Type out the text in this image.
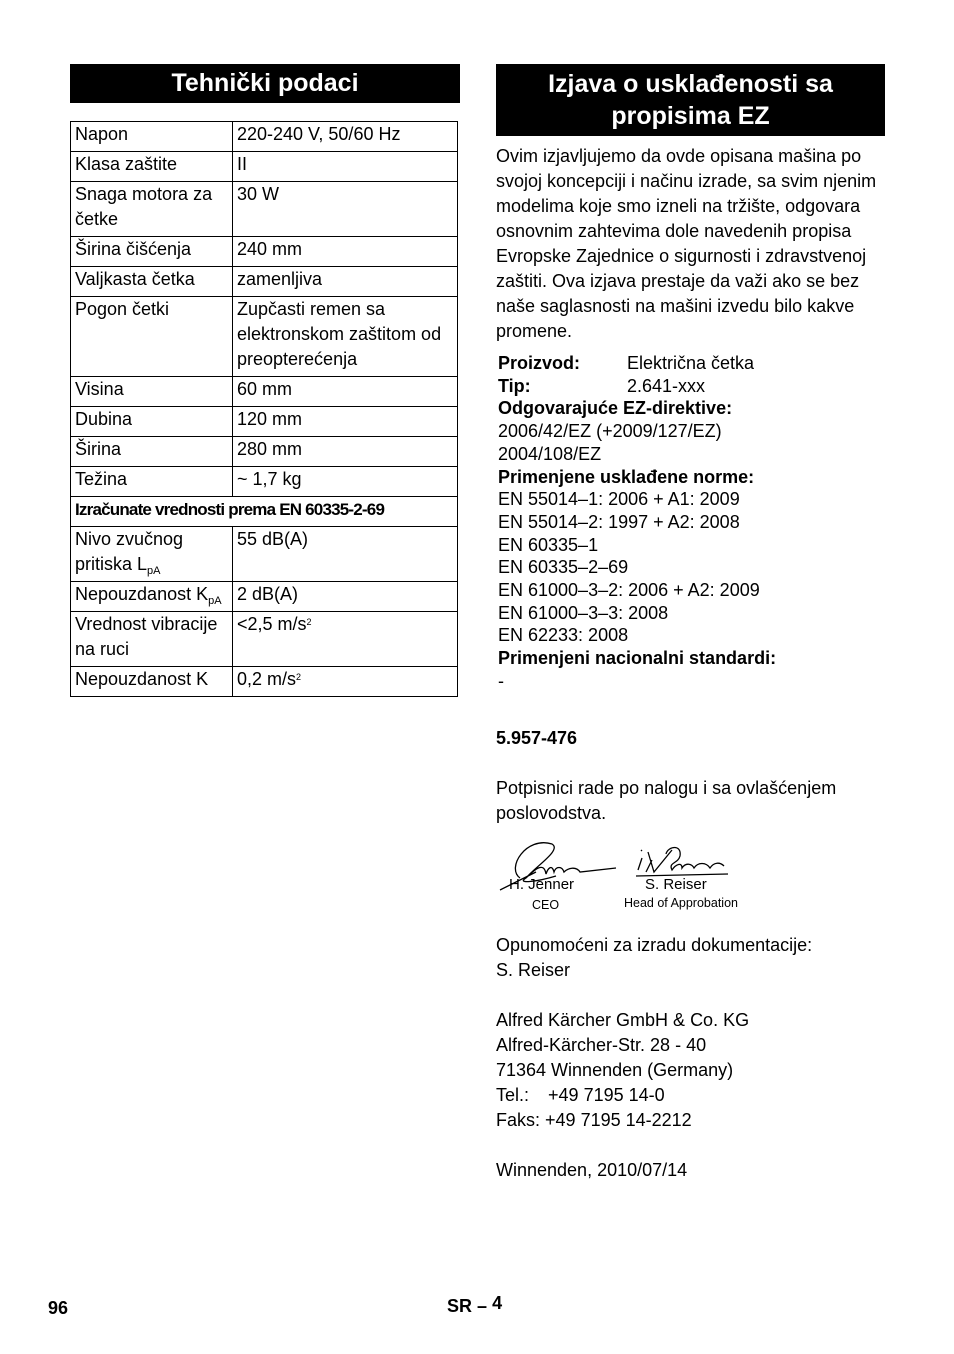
Tehnički podaci
Napon	220-240 V, 50/60 Hz
Klasa zaštite	II
Snaga motora za četke	30 W
Širina čišćenja	240 mm
Valjkasta četka	zamenljiva
Pogon četki	Zupčasti remen sa elektronskom zaštitom od preopterećenja
Visina	60 mm
Dubina	120 mm
Širina	280 mm
Težina	~ 1,7 kg
Izračunate vrednosti prema EN 60335-2-69	
Nivo zvučnog pritiska $L_{pA}$	55 dB(A)
Nepouzdanost $K_{pA}$	2 dB(A)
Vrednost vibracije na ruci	<2,5 $m/s^2$
Nepouzdanost K	0,2 $m/s^2$
Izjava o usklađenosti sa
propisima EZ
Ovim izjavljujemo da ovde opisana mašina po svojoj koncepciji i načinu izrade, sa svim njenim modelima koje smo izneli na tržište, odgovara osnovnim zahtevima dole navedenih propisa Evropske Zajednice o sigurnosti i zdravstvenoj zaštiti. Ova izjava prestaje da važi ako se bez naše saglasnosti na mašini izvedu bilo kakve promene.
Proizvod:	Električna četka
Tip:	2.641-xxx
Odgovarajuće EZ-direktive:
2006/42/EZ (+2009/127/EZ)
2004/108/EZ
Primenjene usklađene norme:
EN 55014–1: 2006 + A1: 2009
EN 55014–2: 1997 + A2: 2008
EN 60335–1
EN 60335–2–69
EN 61000–3–2: 2006 + A2: 2009
EN 61000–3–3: 2008
EN 62233: 2008
Primenjeni nacionalni standardi:
-
5.957-476
Potpisnici rade po nalogu i sa ovlašćenjem poslovodstva.
H. Jenner
CEO
S. Reiser
Head of Approbation
Opunomoćeni za izradu dokumentacije:
S. Reiser
Alfred Kärcher GmbH & Co. KG
Alfred-Kärcher-Str. 28 - 40
71364 Winnenden (Germany)
Tel.: +49 7195 14-0
Faks: +49 7195 14-2212
Winnenden, 2010/07/14
96	SR – 4
